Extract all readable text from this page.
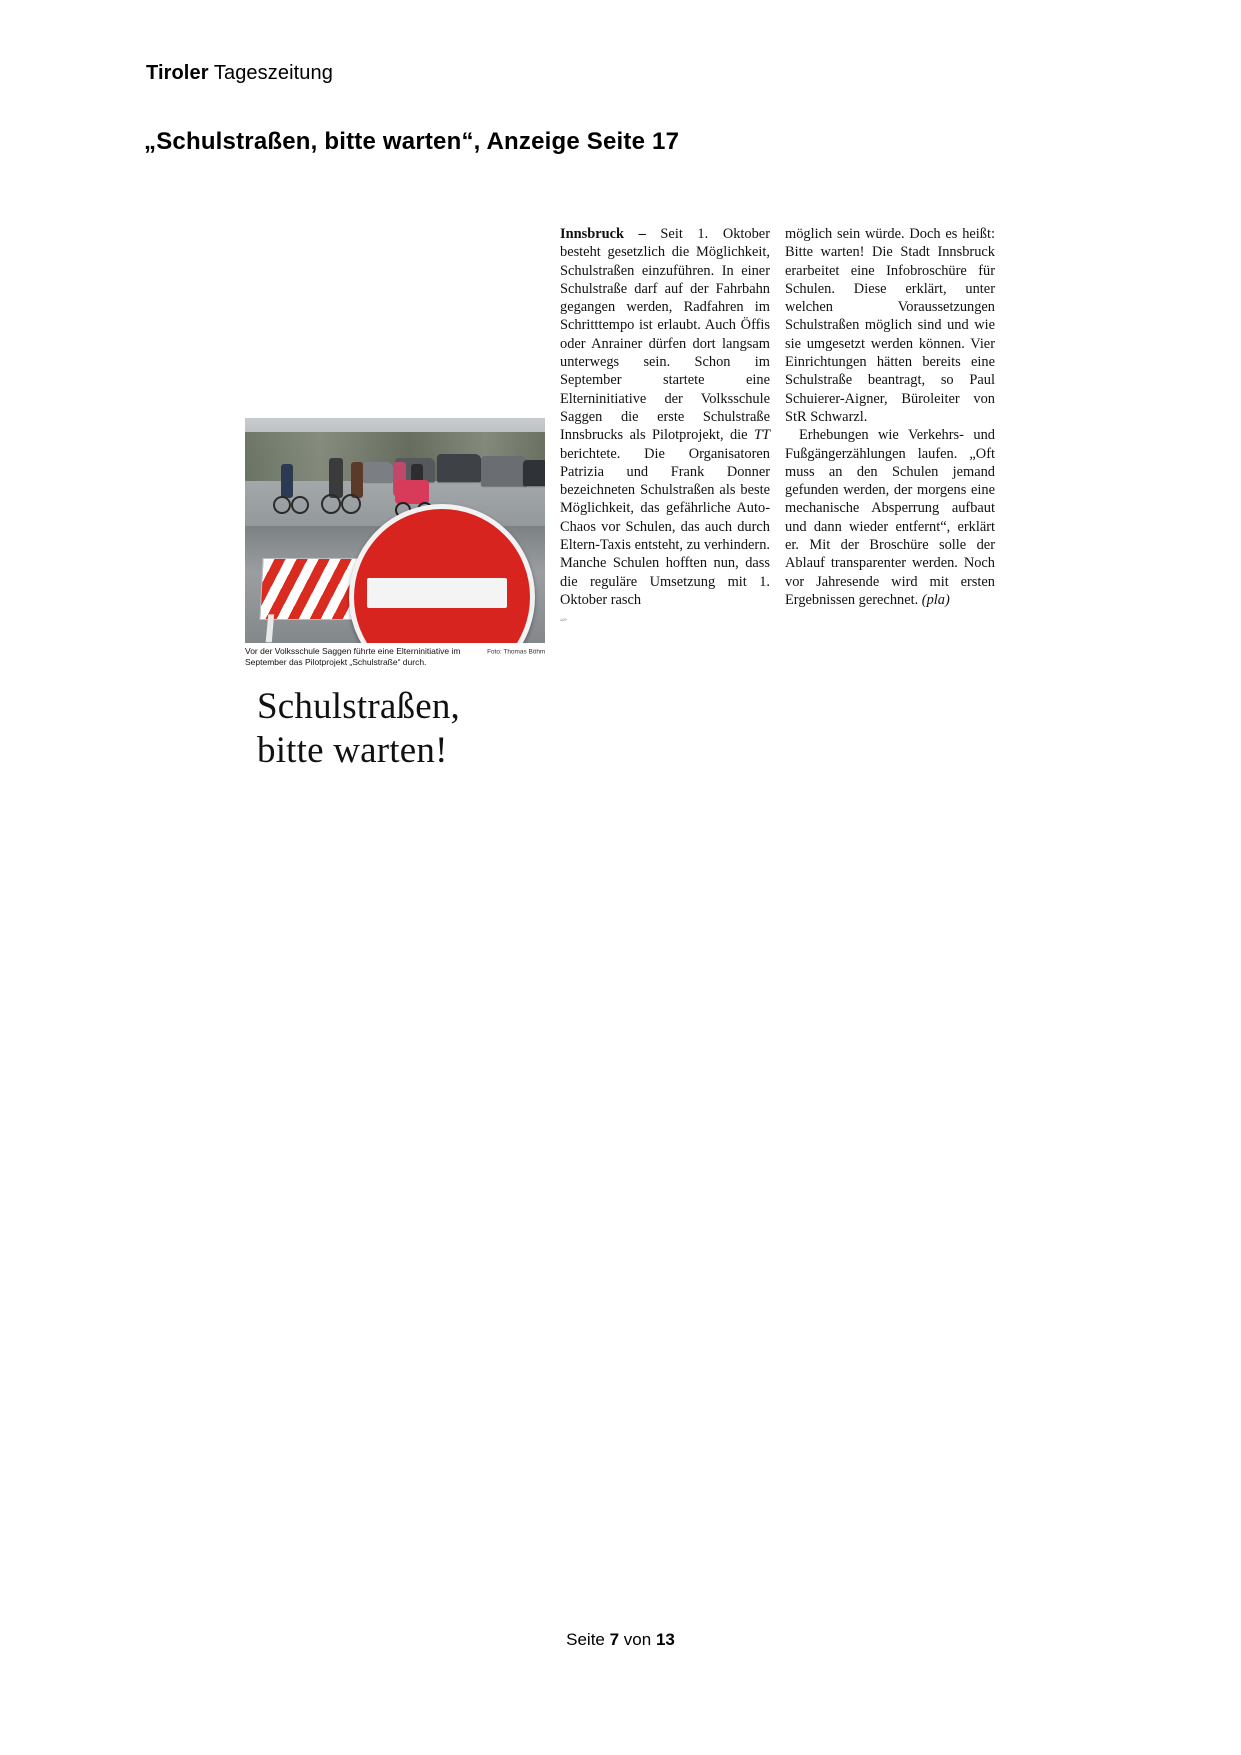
Tiroler Tageszeitung
„Schulstraßen, bitte warten“, Anzeige Seite 17
Foto: Thomas Böhm
Vor der Volksschule Saggen führte eine Elterninitiative im September das Pilotprojekt „Schulstraße“ durch.
Schulstraßen,
bitte warten!

Innsbruck – Seit 1. Oktober besteht gesetzlich die Möglichkeit, Schulstraßen einzuführen. In einer Schulstraße darf auf der Fahrbahn gegangen werden, Radfahren im Schritttempo ist erlaubt. Auch Öffis oder Anrainer dürfen dort langsam unterwegs sein. Schon im September startete eine Elterninitiative der Volksschule Saggen die erste Schulstraße Innsbrucks als Pilotprojekt, die TT berichtete. Die Organisatoren Patrizia und Frank Donner bezeichneten Schulstraßen als beste Möglichkeit, das gefährliche Auto-Chaos vor Schulen, das auch durch Eltern-Taxis entsteht, zu verhindern. Manche Schulen hofften nun, dass die reguläre Umsetzung mit 1. Oktober rasch

“”

möglich sein würde. Doch es heißt: Bitte warten! Die Stadt Innsbruck erarbeitet eine Infobroschüre für Schulen. Diese erklärt, unter welchen Voraussetzungen Schulstraßen möglich sind und wie sie umgesetzt werden können. Vier Einrichtungen hätten bereits eine Schulstraße beantragt, so Paul Schuierer-Aigner, Büroleiter von StR Schwarzl.

Erhebungen wie Verkehrs- und Fußgängerzählungen laufen. „Oft muss an den Schulen jemand gefunden werden, der morgens eine mechanische Absperrung aufbaut und dann wieder entfernt“, erklärt er. Mit der Broschüre solle der Ablauf transparenter werden. Noch vor Jahresende wird mit ersten Ergebnissen gerechnet. (pla)

Seite 7 von 13
